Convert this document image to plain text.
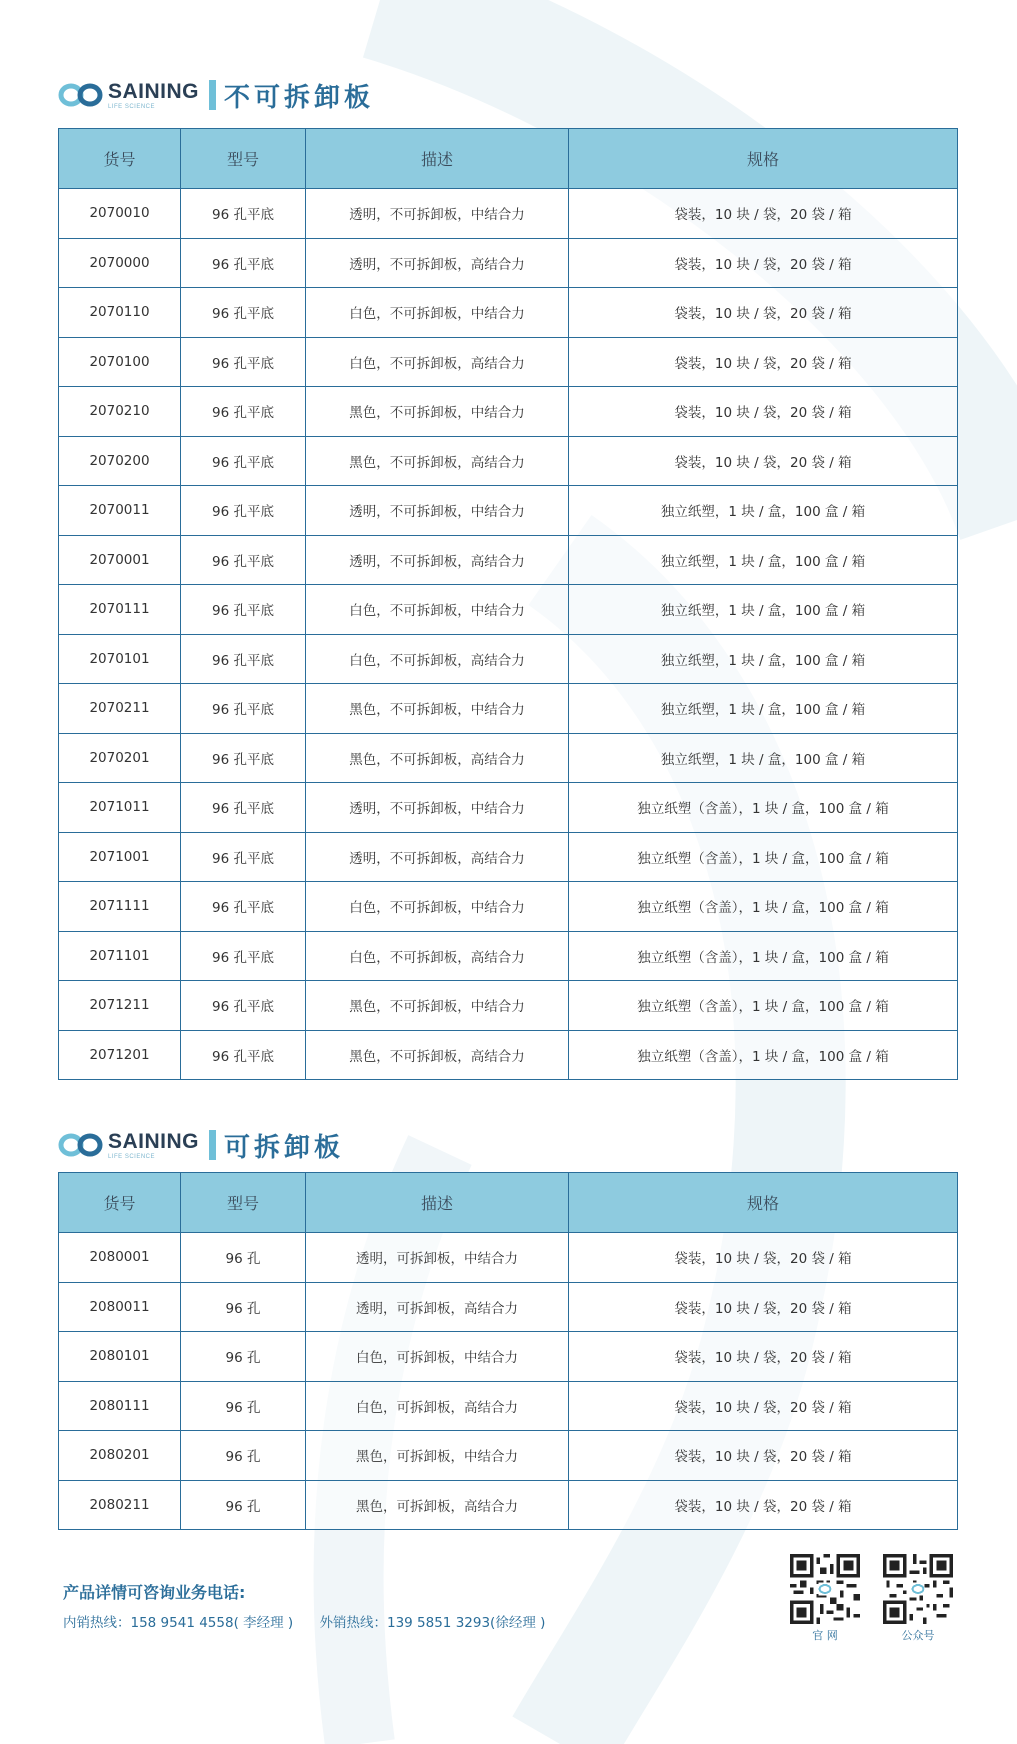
SAINING
LIFE SCIENCE	不可拆卸板
货号	型号	描述	规格
2070010	96 孔平底	透明，不可拆卸板，中结合力	袋装，10 块 / 袋，20 袋 / 箱
2070000	96 孔平底	透明，不可拆卸板，高结合力	袋装，10 块 / 袋，20 袋 / 箱
2070110	96 孔平底	白色，不可拆卸板，中结合力	袋装，10 块 / 袋，20 袋 / 箱
2070100	96 孔平底	白色，不可拆卸板，高结合力	袋装，10 块 / 袋，20 袋 / 箱
2070210	96 孔平底	黑色，不可拆卸板，中结合力	袋装，10 块 / 袋，20 袋 / 箱
2070200	96 孔平底	黑色，不可拆卸板，高结合力	袋装，10 块 / 袋，20 袋 / 箱
2070011	96 孔平底	透明，不可拆卸板，中结合力	独立纸塑，1 块 / 盒，100 盒 / 箱
2070001	96 孔平底	透明，不可拆卸板，高结合力	独立纸塑，1 块 / 盒，100 盒 / 箱
2070111	96 孔平底	白色，不可拆卸板，中结合力	独立纸塑，1 块 / 盒，100 盒 / 箱
2070101	96 孔平底	白色，不可拆卸板，高结合力	独立纸塑，1 块 / 盒，100 盒 / 箱
2070211	96 孔平底	黑色，不可拆卸板，中结合力	独立纸塑，1 块 / 盒，100 盒 / 箱
2070201	96 孔平底	黑色，不可拆卸板，高结合力	独立纸塑，1 块 / 盒，100 盒 / 箱
2071011	96 孔平底	透明，不可拆卸板，中结合力	独立纸塑（含盖），1 块 / 盒，100 盒 / 箱
2071001	96 孔平底	透明，不可拆卸板，高结合力	独立纸塑（含盖），1 块 / 盒，100 盒 / 箱
2071111	96 孔平底	白色，不可拆卸板，中结合力	独立纸塑（含盖），1 块 / 盒，100 盒 / 箱
2071101	96 孔平底	白色，不可拆卸板，高结合力	独立纸塑（含盖），1 块 / 盒，100 盒 / 箱
2071211	96 孔平底	黑色，不可拆卸板，中结合力	独立纸塑（含盖），1 块 / 盒，100 盒 / 箱
2071201	96 孔平底	黑色，不可拆卸板，高结合力	独立纸塑（含盖），1 块 / 盒，100 盒 / 箱
SAINING
LIFE SCIENCE	可拆卸板
货号	型号	描述	规格
2080001	96 孔	透明，可拆卸板，中结合力	袋装，10 块 / 袋，20 袋 / 箱
2080011	96 孔	透明，可拆卸板，高结合力	袋装，10 块 / 袋，20 袋 / 箱
2080101	96 孔	白色，可拆卸板，中结合力	袋装，10 块 / 袋，20 袋 / 箱
2080111	96 孔	白色，可拆卸板，高结合力	袋装，10 块 / 袋，20 袋 / 箱
2080201	96 孔	黑色，可拆卸板，中结合力	袋装，10 块 / 袋，20 袋 / 箱
2080211	96 孔	黑色，可拆卸板，高结合力	袋装，10 块 / 袋，20 袋 / 箱
产品详情可咨询业务电话:
内销热线：158 9541 4558( 李经理 ) 外销热线：139 5851 3293(徐经理 )
官 网	公众号
